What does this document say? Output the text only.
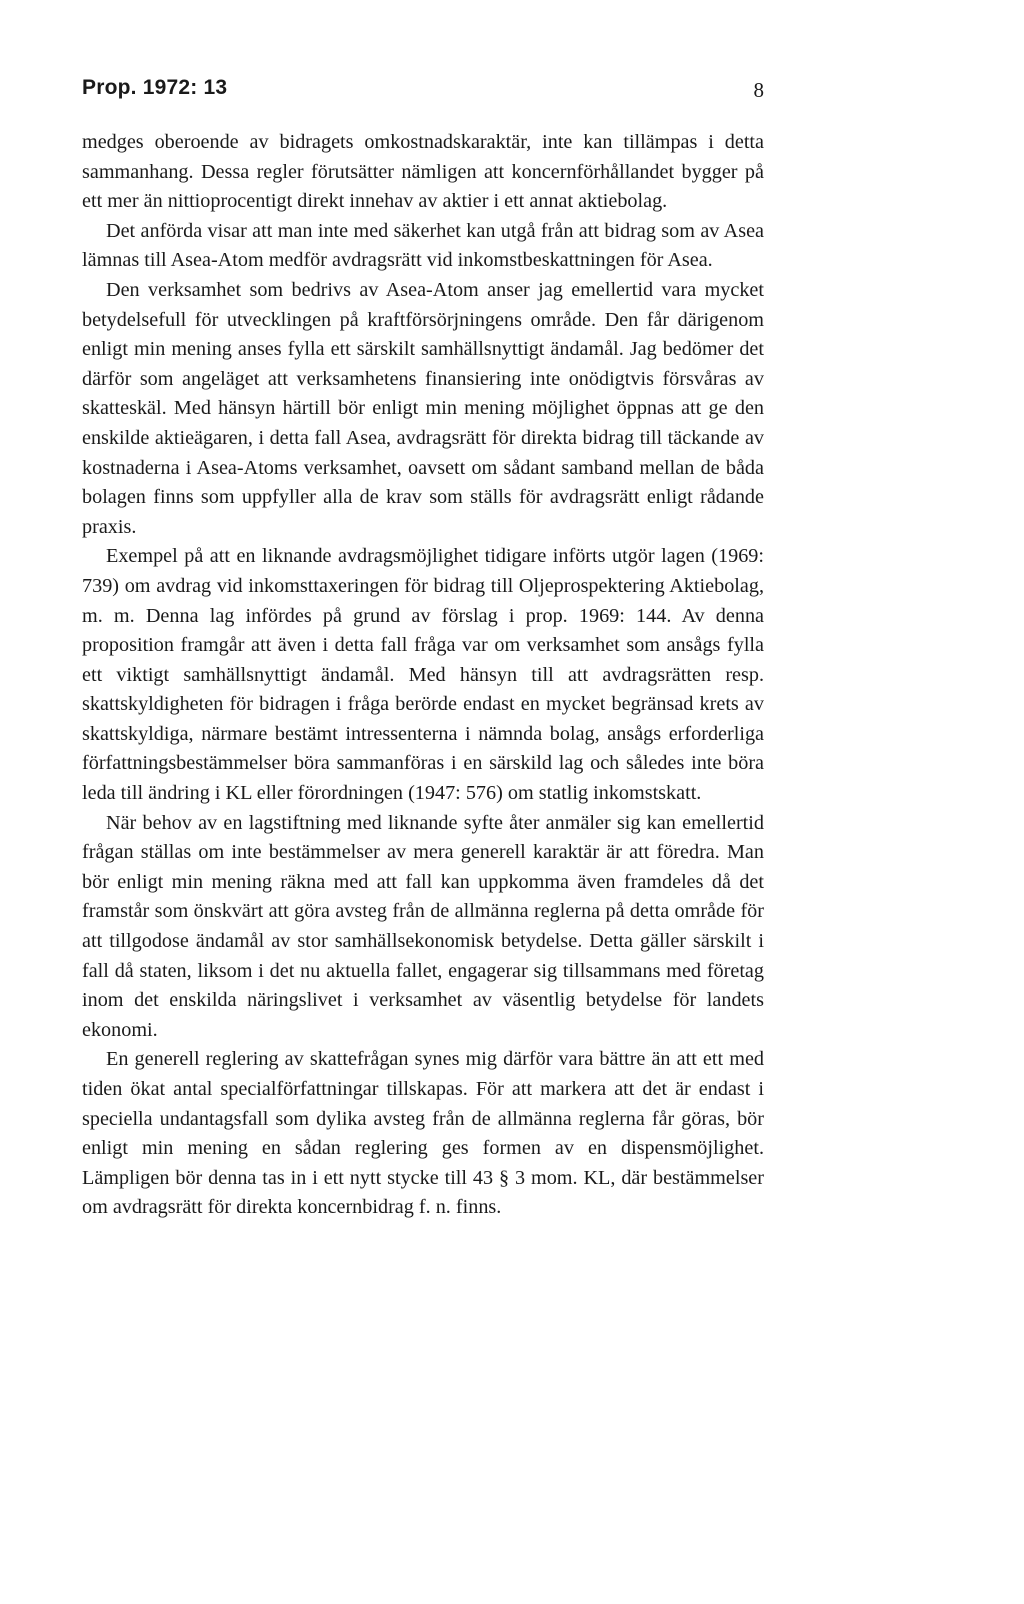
Prop. 1972: 13	8

medges oberoende av bidragets omkostnadskaraktär, inte kan tillämpas i detta sammanhang. Dessa regler förutsätter nämligen att koncernförhållandet bygger på ett mer än nittioprocentigt direkt innehav av aktier i ett annat aktiebolag.

Det anförda visar att man inte med säkerhet kan utgå från att bidrag som av Asea lämnas till Asea-Atom medför avdragsrätt vid inkomstbeskattningen för Asea.

Den verksamhet som bedrivs av Asea-Atom anser jag emellertid vara mycket betydelsefull för utvecklingen på kraftförsörjningens område. Den får därigenom enligt min mening anses fylla ett särskilt samhällsnyttigt ändamål. Jag bedömer det därför som angeläget att verksamhetens finansiering inte onödigtvis försvåras av skatteskäl. Med hänsyn härtill bör enligt min mening möjlighet öppnas att ge den enskilde aktieägaren, i detta fall Asea, avdragsrätt för direkta bidrag till täckande av kostnaderna i Asea-Atoms verksamhet, oavsett om sådant samband mellan de båda bolagen finns som uppfyller alla de krav som ställs för avdragsrätt enligt rådande praxis.

Exempel på att en liknande avdragsmöjlighet tidigare införts utgör lagen (1969: 739) om avdrag vid inkomsttaxeringen för bidrag till Oljeprospektering Aktiebolag, m. m. Denna lag infördes på grund av förslag i prop. 1969: 144. Av denna proposition framgår att även i detta fall fråga var om verksamhet som ansågs fylla ett viktigt samhällsnyttigt ändamål. Med hänsyn till att avdragsrätten resp. skattskyldigheten för bidragen i fråga berörde endast en mycket begränsad krets av skattskyldiga, närmare bestämt intressenterna i nämnda bolag, ansågs erforderliga författningsbestämmelser böra sammanföras i en särskild lag och således inte böra leda till ändring i KL eller förordningen (1947: 576) om statlig inkomstskatt.

När behov av en lagstiftning med liknande syfte åter anmäler sig kan emellertid frågan ställas om inte bestämmelser av mera generell karaktär är att föredra. Man bör enligt min mening räkna med att fall kan uppkomma även framdeles då det framstår som önskvärt att göra avsteg från de allmänna reglerna på detta område för att tillgodose ändamål av stor samhällsekonomisk betydelse. Detta gäller särskilt i fall då staten, liksom i det nu aktuella fallet, engagerar sig tillsammans med företag inom det enskilda näringslivet i verksamhet av väsentlig betydelse för landets ekonomi.

En generell reglering av skattefrågan synes mig därför vara bättre än att ett med tiden ökat antal specialförfattningar tillskapas. För att markera att det är endast i speciella undantagsfall som dylika avsteg från de allmänna reglerna får göras, bör enligt min mening en sådan reglering ges formen av en dispensmöjlighet. Lämpligen bör denna tas in i ett nytt stycke till 43 § 3 mom. KL, där bestämmelser om avdragsrätt för direkta koncernbidrag f. n. finns.
